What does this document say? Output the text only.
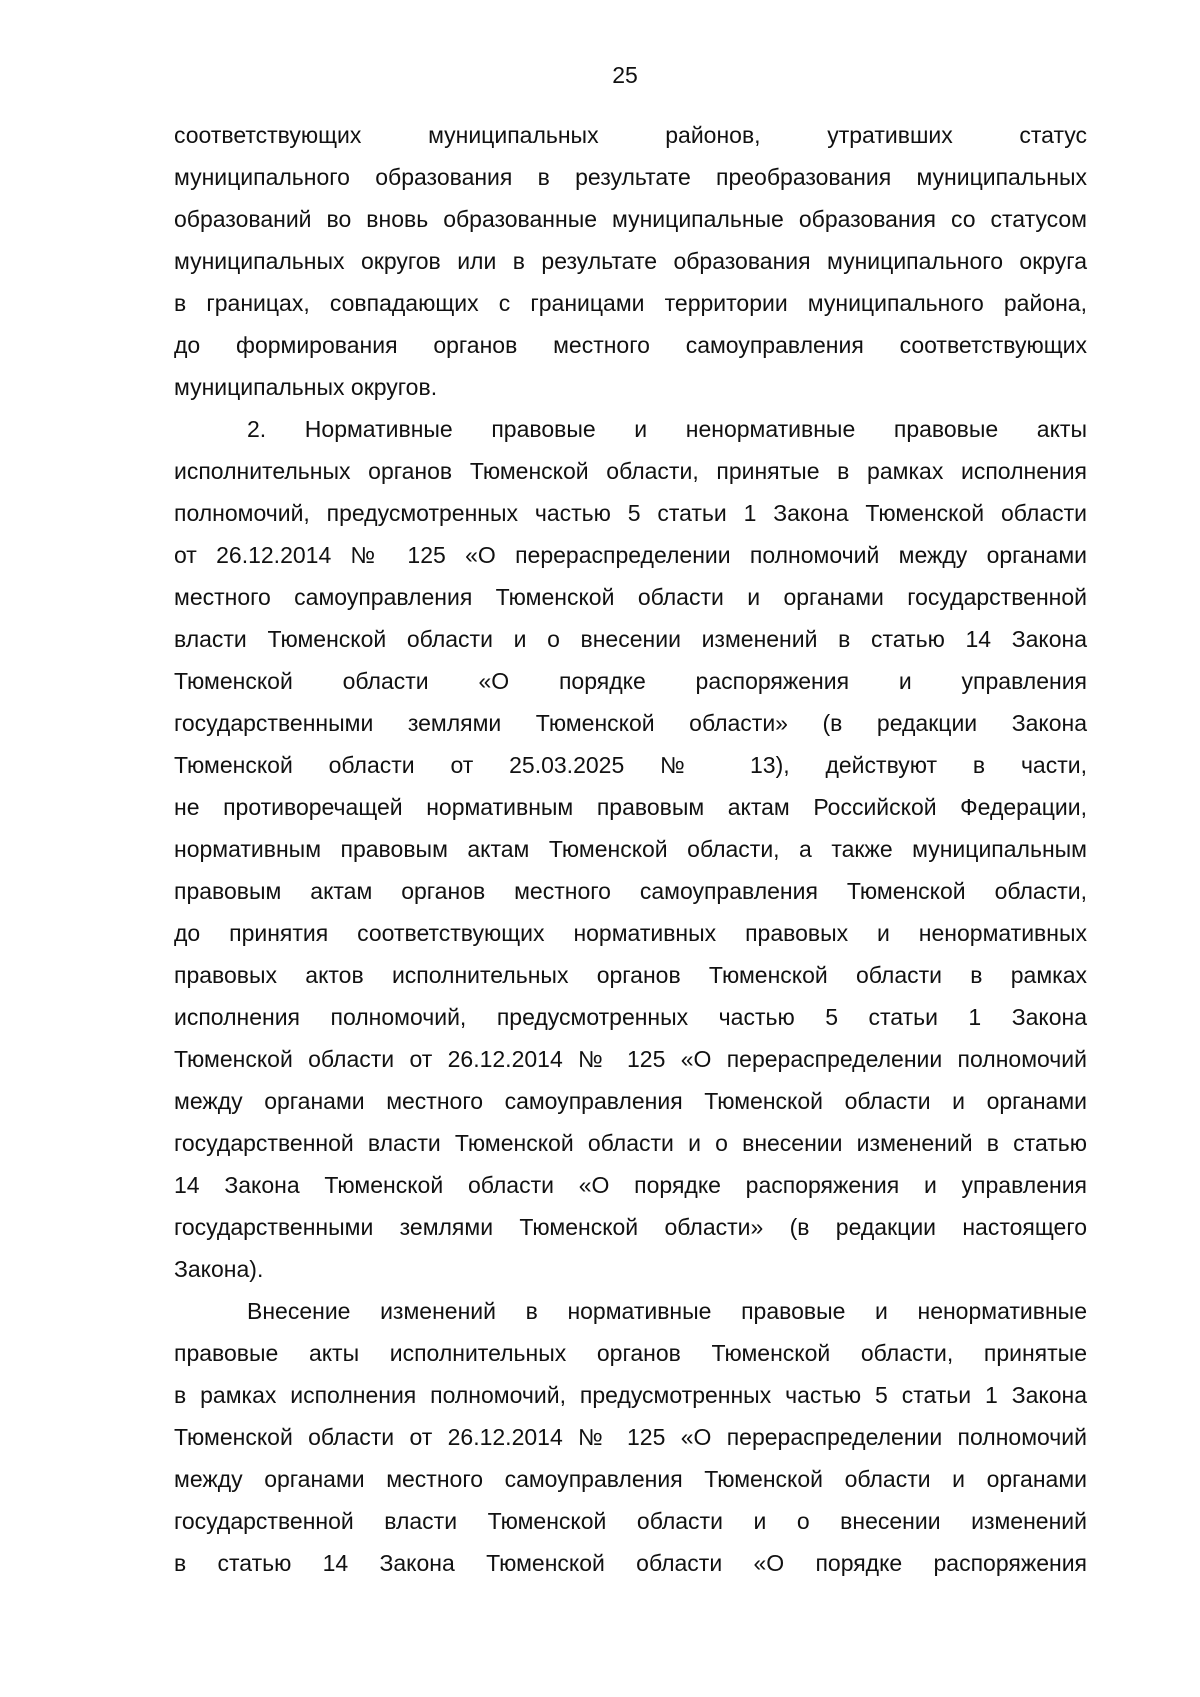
25
соответствующих муниципальных районов, утративших статус
муниципального образования в результате преобразования муниципальных
образований во вновь образованные муниципальные образования со статусом
муниципальных округов или в результате образования муниципального округа
в границах, совпадающих с границами территории муниципального района,
до формирования органов местного самоуправления соответствующих
муниципальных округов.
2. Нормативные правовые и ненормативные правовые акты
исполнительных органов Тюменской области, принятые в рамках исполнения
полномочий, предусмотренных частью 5 статьи 1 Закона Тюменской области
от 26.12.2014 № 125 «О перераспределении полномочий между органами
местного самоуправления Тюменской области и органами государственной
власти Тюменской области и о внесении изменений в статью 14 Закона
Тюменской области «О порядке распоряжения и управления
государственными землями Тюменской области» (в редакции Закона
Тюменской области от 25.03.2025 № 13), действуют в части,
не противоречащей нормативным правовым актам Российской Федерации,
нормативным правовым актам Тюменской области, а также муниципальным
правовым актам органов местного самоуправления Тюменской области,
до принятия соответствующих нормативных правовых и ненормативных
правовых актов исполнительных органов Тюменской области в рамках
исполнения полномочий, предусмотренных частью 5 статьи 1 Закона
Тюменской области от 26.12.2014 № 125 «О перераспределении полномочий
между органами местного самоуправления Тюменской области и органами
государственной власти Тюменской области и о внесении изменений в статью
14 Закона Тюменской области «О порядке распоряжения и управления
государственными землями Тюменской области» (в редакции настоящего
Закона).
Внесение изменений в нормативные правовые и ненормативные
правовые акты исполнительных органов Тюменской области, принятые
в рамках исполнения полномочий, предусмотренных частью 5 статьи 1 Закона
Тюменской области от 26.12.2014 № 125 «О перераспределении полномочий
между органами местного самоуправления Тюменской области и органами
государственной власти Тюменской области и о внесении изменений
в статью 14 Закона Тюменской области «О порядке распоряжения
